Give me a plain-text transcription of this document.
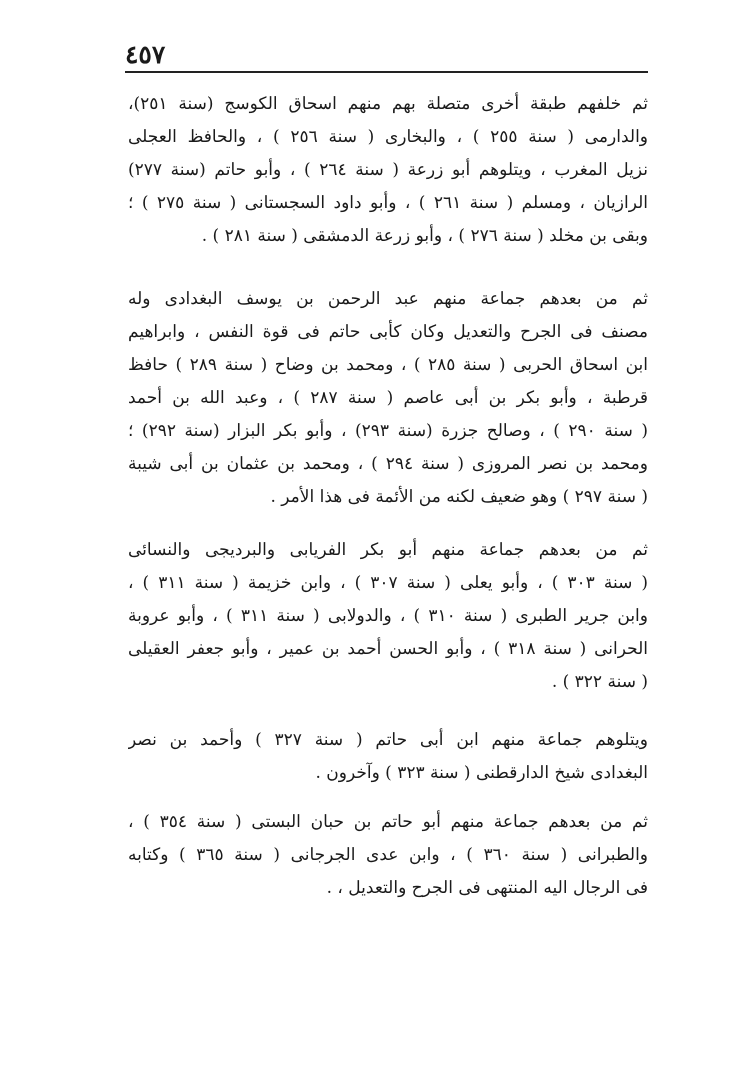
٤٥٧
ثم خلفهم طبقة أخرى متصلة بهم منهم اسحاق الكوسج (سنة ٢٥١)،
والدارمى ( سنة ٢٥٥ ) ، والبخارى ( سنة ٢٥٦ ) ، والحافظ العجلى
نزيل المغرب ، ويتلوهم أبو زرعة ( سنة ٢٦٤ ) ، وأبو حاتم (سنة ٢٧٧)
الرازيان ، ومسلم ( سنة ٢٦١ ) ، وأبو داود السجستانى ( سنة ٢٧٥ ) ؛
وبقى بن مخلد ( سنة ٢٧٦ ) ، وأبو زرعة الدمشقى ( سنة ٢٨١ ) .
ثم من بعدهم جماعة منهم عبد الرحمن بن يوسف البغدادى وله
مصنف فى الجرح والتعديل وكان كأبى حاتم فى قوة النفس ، وابراهيم
ابن اسحاق الحربى ( سنة ٢٨٥ ) ، ومحمد بن وضاح ( سنة ٢٨٩ ) حافظ
قرطبة ، وأبو بكر بن أبى عاصم ( سنة ٢٨٧ ) ، وعبد الله بن أحمد
( سنة ٢٩٠ ) ، وصالح جزرة (سنة ٢٩٣) ، وأبو بكر البزار (سنة ٢٩٢) ؛
ومحمد بن نصر المروزى ( سنة ٢٩٤ ) ، ومحمد بن عثمان بن أبى شيبة
( سنة ٢٩٧ ) وهو ضعيف لكنه من الأئمة فى هذا الأمر .
ثم من بعدهم جماعة منهم أبو بكر الفريابى والبرديجى والنسائى
( سنة ٣٠٣ ) ، وأبو يعلى ( سنة ٣٠٧ ) ، وابن خزيمة ( سنة ٣١١ ) ،
وابن جرير الطبرى ( سنة ٣١٠ ) ، والدولابى ( سنة ٣١١ ) ، وأبو عروبة
الحرانى ( سنة ٣١٨ ) ، وأبو الحسن أحمد بن عمير ، وأبو جعفر العقيلى
( سنة ٣٢٢ ) .
ويتلوهم جماعة منهم ابن أبى حاتم ( سنة ٣٢٧ ) وأحمد بن نصر
البغدادى شيخ الدارقطنى ( سنة ٣٢٣ ) وآخرون .
ثم من بعدهم جماعة منهم أبو حاتم بن حبان البستى ( سنة ٣٥٤ ) ،
والطبرانى ( سنة ٣٦٠ ) ، وابن عدى الجرجانى ( سنة ٣٦٥ ) وكتابه
فى الرجال اليه المنتهى فى الجرح والتعديل ، .
